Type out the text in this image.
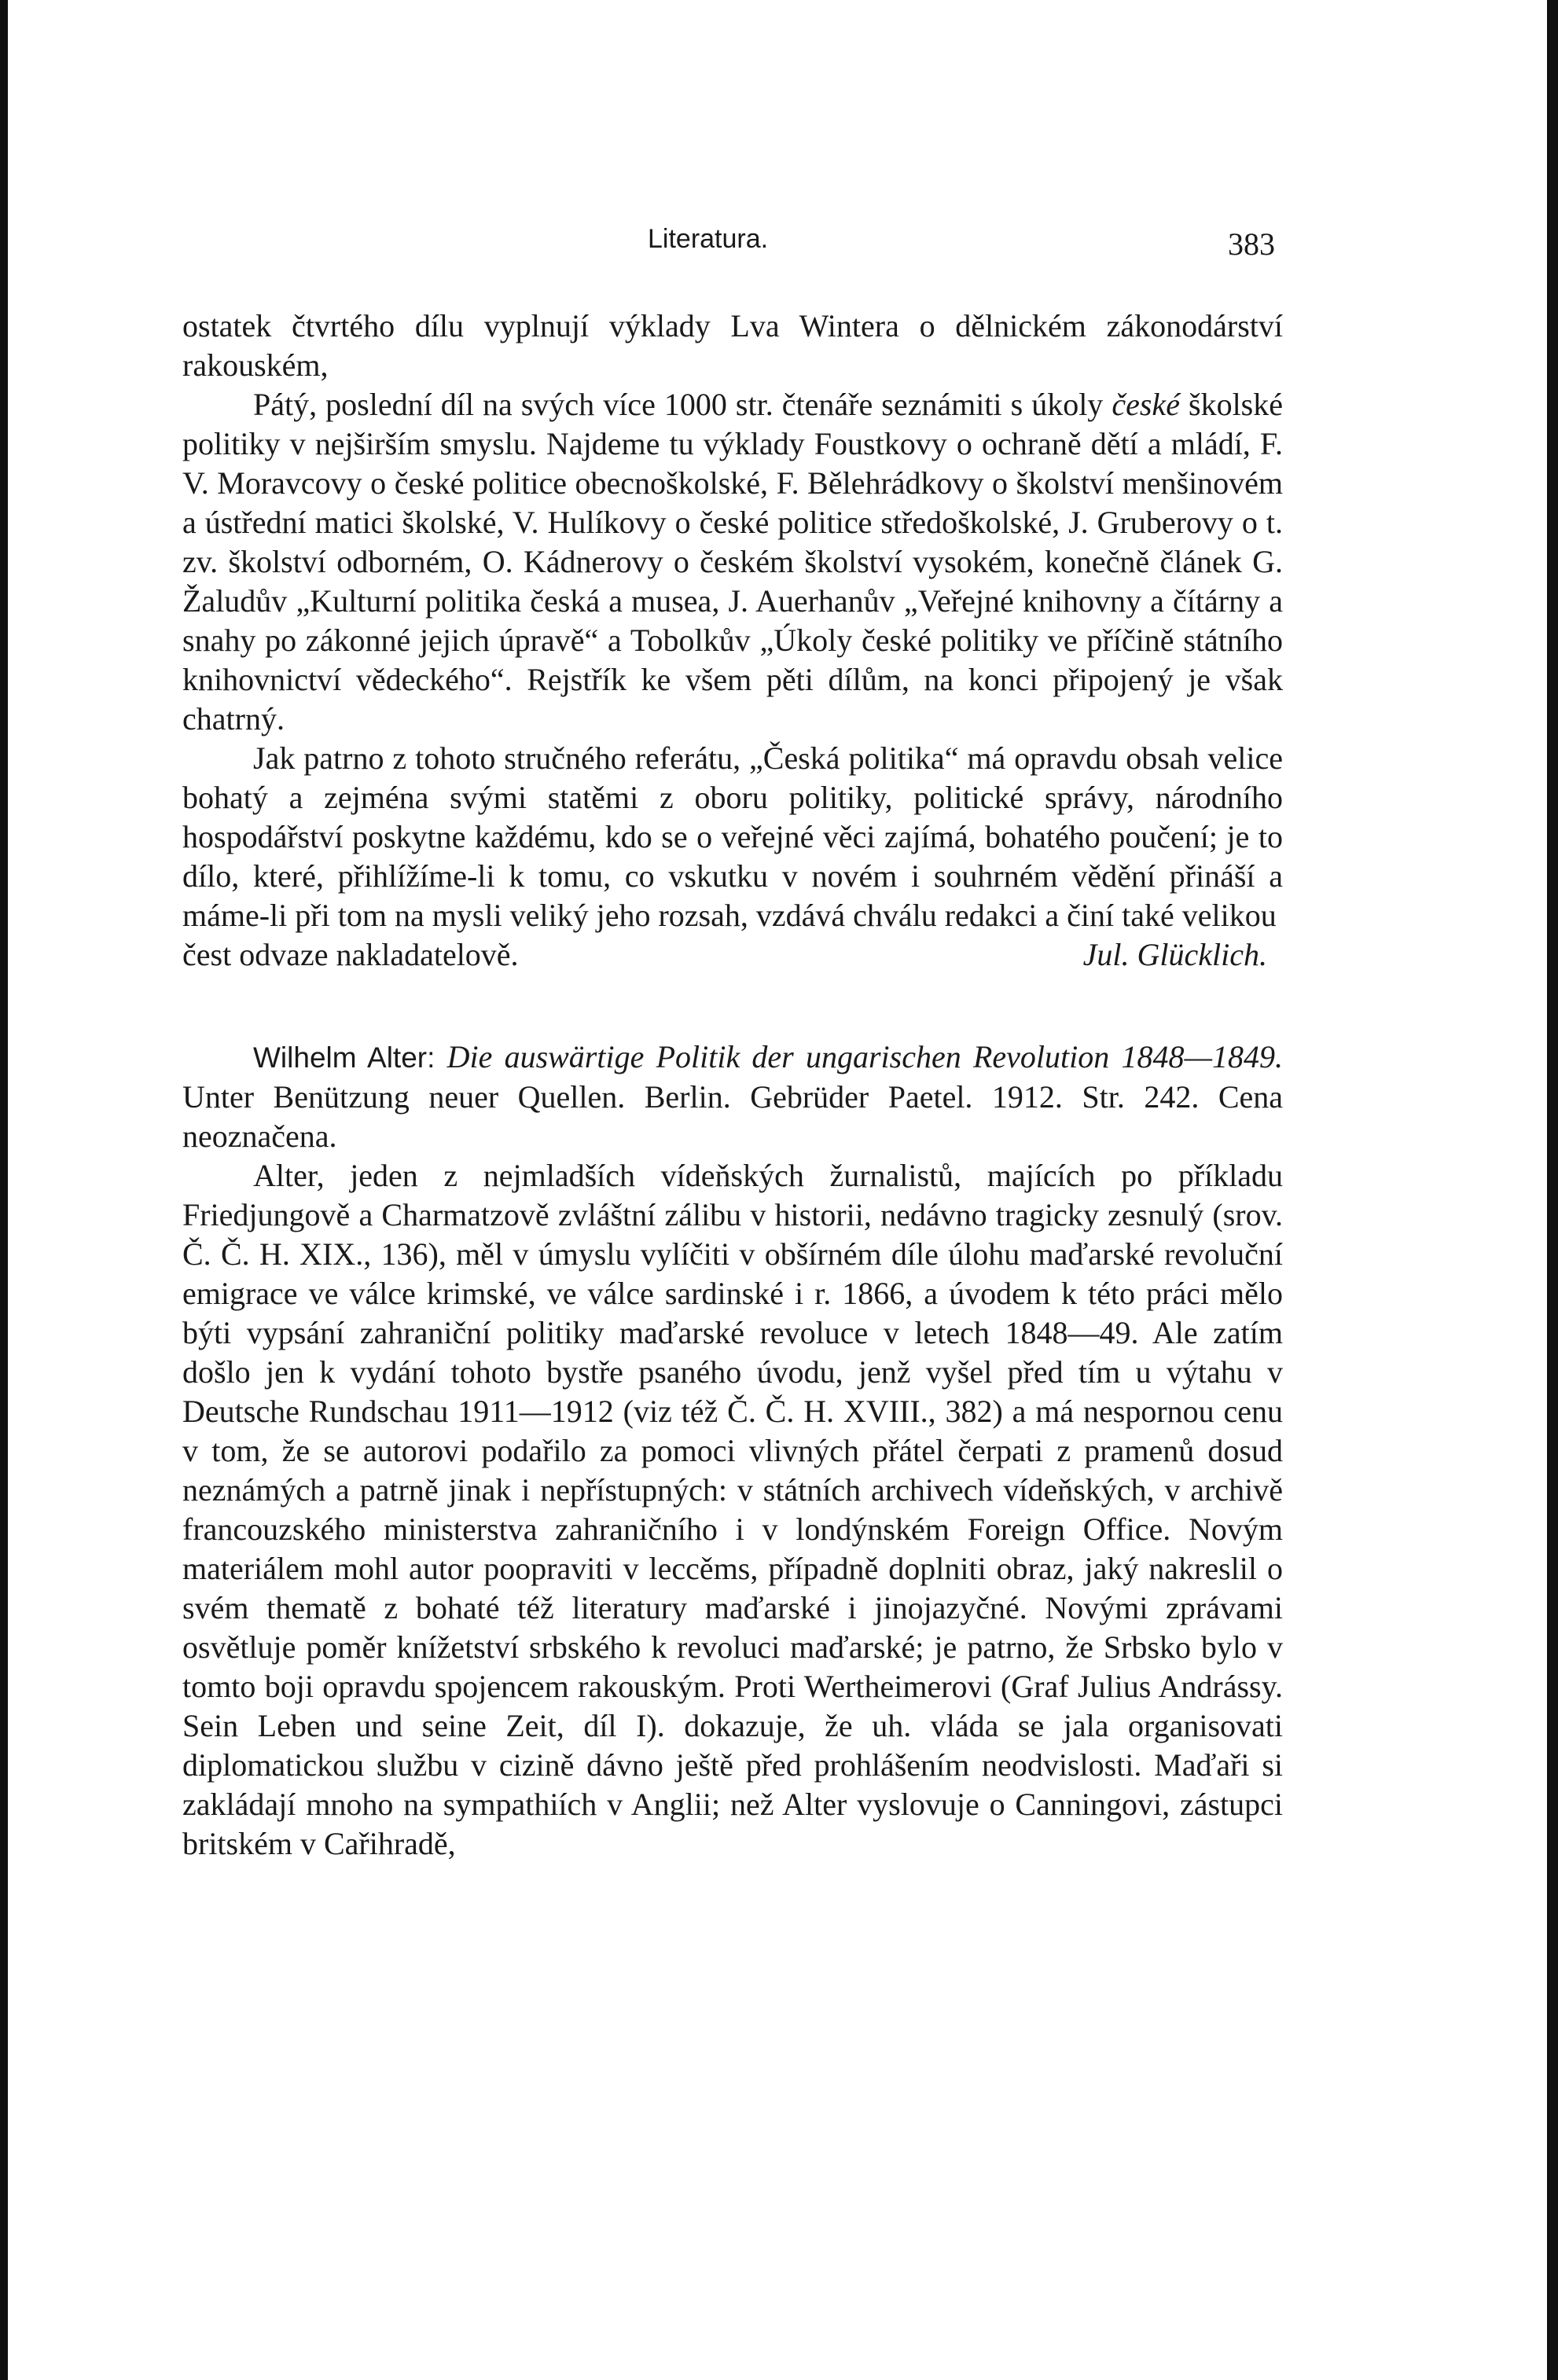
Literatura.	383

ostatek čtvrtého dílu vyplnují výklady Lva Wintera o dělnickém zákonodárství rakouském,

Pátý, poslední díl na svých více 1000 str. čtenáře seznámiti s úkoly české školské politiky v nejširším smyslu. Najdeme tu výklady Foustkovy o ochraně dětí a mládí, F. V. Moravcovy o české politice obecnoškolské, F. Bělehrádkovy o školství menšinovém a ústřední matici školské, V. Hulíkovy o české politice středoškolské, J. Gruberovy o t. zv. školství odborném, O. Kádnerovy o českém školství vysokém, konečně článek G. Žaludův „Kulturní politika česká a musea, J. Auerhanův „Veřejné knihovny a čítárny a snahy po zákonné jejich úpravě“ a Tobolkův „Úkoly české politiky ve příčině státního knihovnictví vědeckého“. Rejstřík ke všem pěti dílům, na konci připojený je však chatrný.

Jak patrno z tohoto stručného referátu, „Česká politika“ má opravdu obsah velice bohatý a zejména svými statěmi z oboru politiky, politické správy, národního hospodářství poskytne každému, kdo se o veřejné věci zajímá, bohatého poučení; je to dílo, které, přihlížíme-li k tomu, co vskutku v novém i souhrném vědění přináší a máme-li při tom na mysli veliký jeho rozsah, vzdává chválu redakci a činí také velikou

čest odvaze nakladatelově.	Jul. Glücklich.

Wilhelm Alter: Die auswärtige Politik der ungarischen Revolution 1848—1849. Unter Benützung neuer Quellen. Berlin. Gebrüder Paetel. 1912. Str. 242. Cena neoznačena.

Alter, jeden z nejmladších vídeňských žurnalistů, majících po příkladu Friedjungově a Charmatzově zvláštní zálibu v historii, nedávno tragicky zesnulý (srov. Č. Č. H. XIX., 136), měl v úmyslu vylíčiti v obšírném díle úlohu maďarské revoluční emigrace ve válce krimské, ve válce sardinské i r. 1866, a úvodem k této práci mělo býti vypsání zahraniční politiky maďarské revoluce v letech 1848—49. Ale zatím došlo jen k vydání tohoto bystře psaného úvodu, jenž vyšel před tím u výtahu v Deutsche Rundschau 1911—1912 (viz též Č. Č. H. XVIII., 382) a má nespornou cenu v tom, že se autorovi podařilo za pomoci vlivných přátel čerpati z pramenů dosud neznámých a patrně jinak i nepřístupných: v státních archivech vídeňských, v archivě francouzského ministerstva zahraničního i v londýnském Foreign Office. Novým materiálem mohl autor poopraviti v leccěms, případně doplniti obraz, jaký nakreslil o svém thematě z bohaté též literatury maďarské i jinojazyčné. Novými zprávami osvětluje poměr knížetství srbského k revoluci maďarské; je patrno, že Srbsko bylo v tomto boji opravdu spojencem rakouským. Proti Wertheimerovi (Graf Julius Andrássy. Sein Leben und seine Zeit, díl I). dokazuje, že uh. vláda se jala organisovati diplomatickou službu v cizině dávno ještě před prohlášením neodvislosti. Maďaři si zakládají mnoho na sympathiích v Anglii; než Alter vyslovuje o Canningovi, zástupci britském v Cařihradě,
